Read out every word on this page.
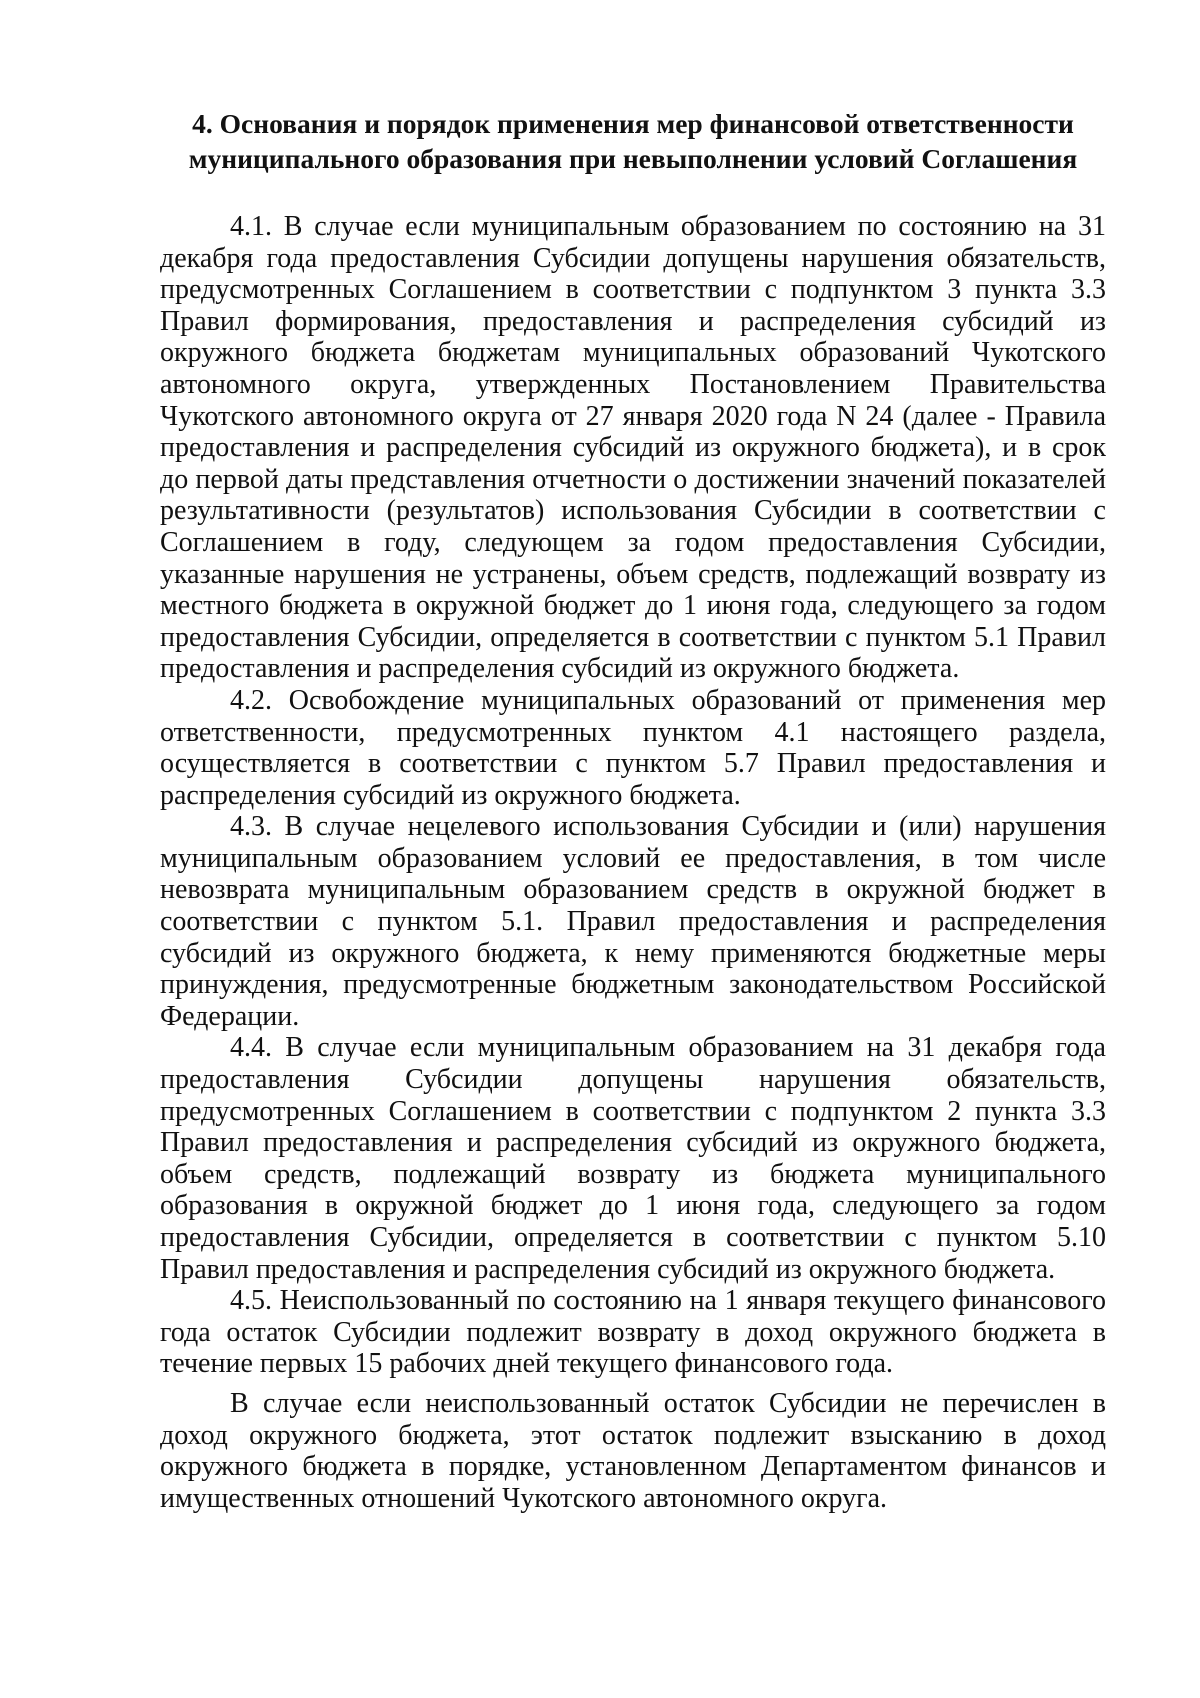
4. Основания и порядок применения мер финансовой ответственности
муниципального образования при невыполнении условий Соглашения

4.1. В случае если муниципальным образованием по состоянию на 31 декабря года предоставления Субсидии допущены нарушения обязательств, предусмотренных Соглашением в соответствии с подпунктом 3 пункта 3.3 Правил формирования, предоставления и распределения субсидий из окружного бюджета бюджетам муниципальных образований Чукотского автономного округа, утвержденных Постановлением Правительства Чукотского автономного округа от 27 января 2020 года N 24 (далее - Правила предоставления и распределения субсидий из окружного бюджета), и в срок до первой даты представления отчетности о достижении значений показателей результативности (результатов) использования Субсидии в соответствии с Соглашением в году, следующем за годом предоставления Субсидии, указанные нарушения не устранены, объем средств, подлежащий возврату из местного бюджета в окружной бюджет до 1 июня года, следующего за годом предоставления Субсидии, определяется в соответствии с пунктом 5.1 Правил предоставления и распределения субсидий из окружного бюджета.

4.2. Освобождение муниципальных образований от применения мер ответственности, предусмотренных пунктом 4.1 настоящего раздела, осуществляется в соответствии с пунктом 5.7 Правил предоставления и распределения субсидий из окружного бюджета.

4.3. В случае нецелевого использования Субсидии и (или) нарушения муниципальным образованием условий ее предоставления, в том числе невозврата муниципальным образованием средств в окружной бюджет в соответствии с пунктом 5.1. Правил предоставления и распределения субсидий из окружного бюджета, к нему применяются бюджетные меры принуждения, предусмотренные бюджетным законодательством Российской Федерации.

4.4. В случае если муниципальным образованием на 31 декабря года предоставления Субсидии допущены нарушения обязательств, предусмотренных Соглашением в соответствии с подпунктом 2 пункта 3.3 Правил предоставления и распределения субсидий из окружного бюджета, объем средств, подлежащий возврату из бюджета муниципального образования в окружной бюджет до 1 июня года, следующего за годом предоставления Субсидии, определяется в соответствии с пунктом 5.10 Правил предоставления и распределения субсидий из окружного бюджета.

4.5. Неиспользованный по состоянию на 1 января текущего финансового года остаток Субсидии подлежит возврату в доход окружного бюджета в течение первых 15 рабочих дней текущего финансового года.

В случае если неиспользованный остаток Субсидии не перечислен в доход окружного бюджета, этот остаток подлежит взысканию в доход окружного бюджета в порядке, установленном Департаментом финансов и имущественных отношений Чукотского автономного округа.
